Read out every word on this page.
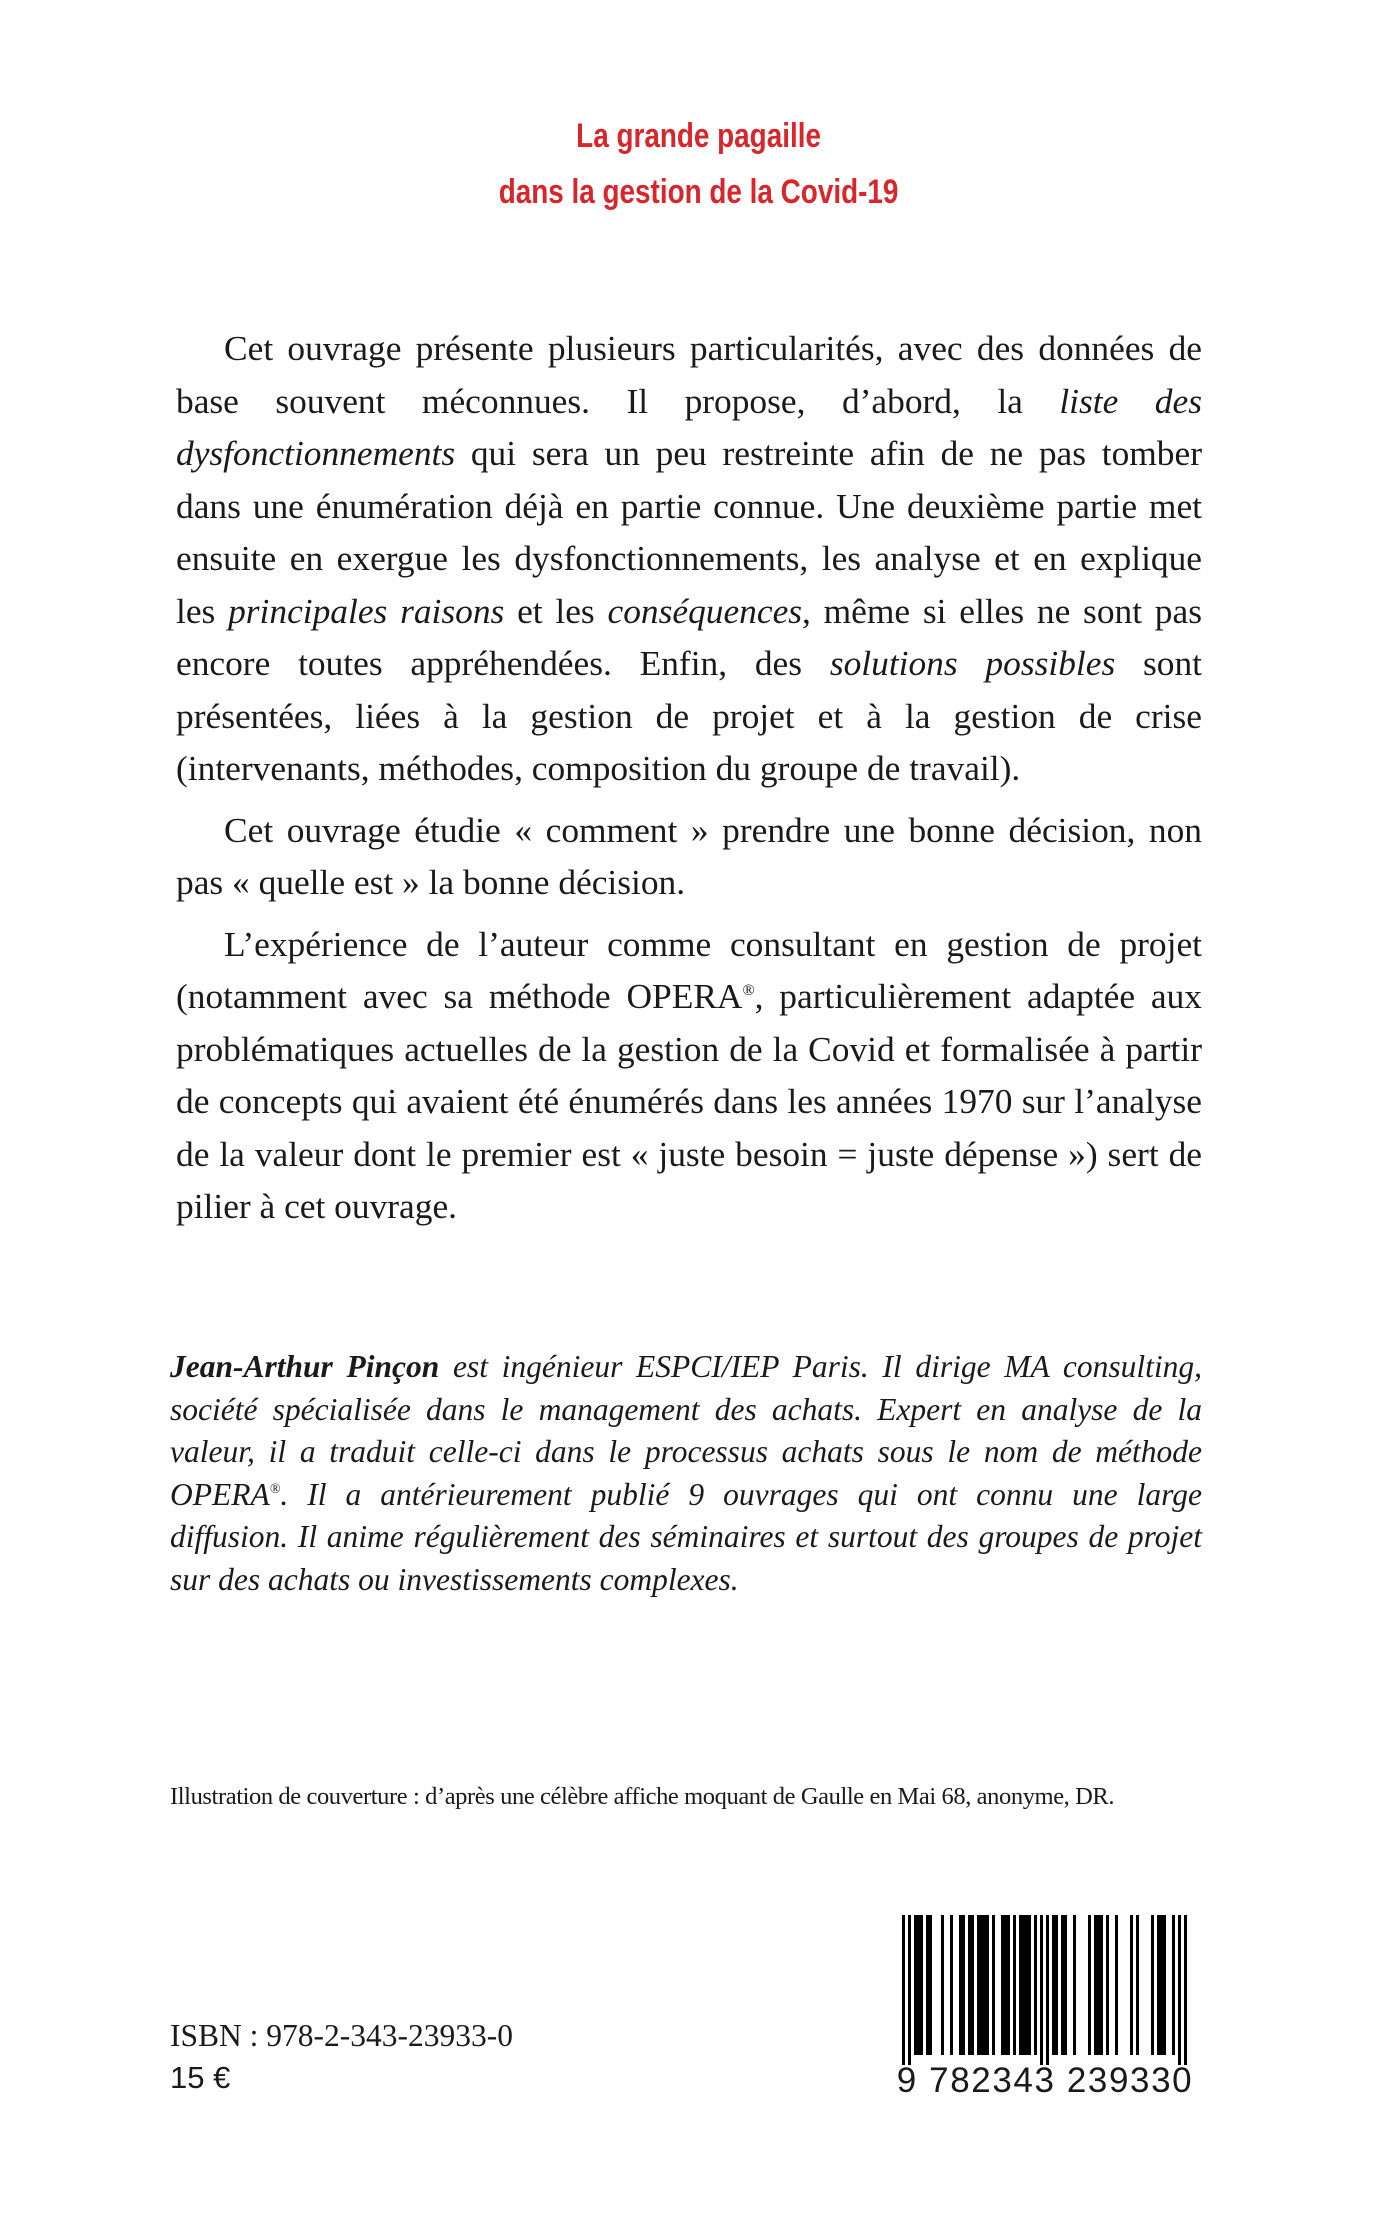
La grande pagaille
dans la gestion de la Covid-19

Cet ouvrage présente plusieurs particularités, avec des données de base souvent méconnues. Il propose, d’abord, la liste des dysfonctionnements qui sera un peu restreinte afin de ne pas tomber dans une énumération déjà en partie connue. Une deuxième partie met ensuite en exergue les dysfonctionnements, les analyse et en explique les principales raisons et les conséquences, même si elles ne sont pas encore toutes appréhendées. Enfin, des solutions possibles sont présentées, liées à la gestion de projet et à la gestion de crise (intervenants, méthodes, composition du groupe de travail).

Cet ouvrage étudie « comment » prendre une bonne décision, non pas « quelle est » la bonne décision.

L’expérience de l’auteur comme consultant en gestion de projet (notamment avec sa méthode OPERA®, particulièrement adaptée aux problématiques actuelles de la gestion de la Covid et formalisée à partir de concepts qui avaient été énumérés dans les années 1970 sur l’analyse de la valeur dont le premier est « juste besoin = juste dépense ») sert de pilier à cet ouvrage.

Jean-Arthur Pinçon est ingénieur ESPCI/IEP Paris. Il dirige MA consulting, société spécialisée dans le management des achats. Expert en analyse de la valeur, il a traduit celle-ci dans le processus achats sous le nom de méthode OPERA®. Il a antérieurement publié 9 ouvrages qui ont connu une large diffusion. Il anime régulièrement des séminaires et surtout des groupes de projet sur des achats ou investissements complexes.
Illustration de couverture : d’après une célèbre affiche moquant de Gaulle en Mai 68, anonyme, DR.
ISBN : 978-2-343-23933-0
15 €	9 782343 239330
